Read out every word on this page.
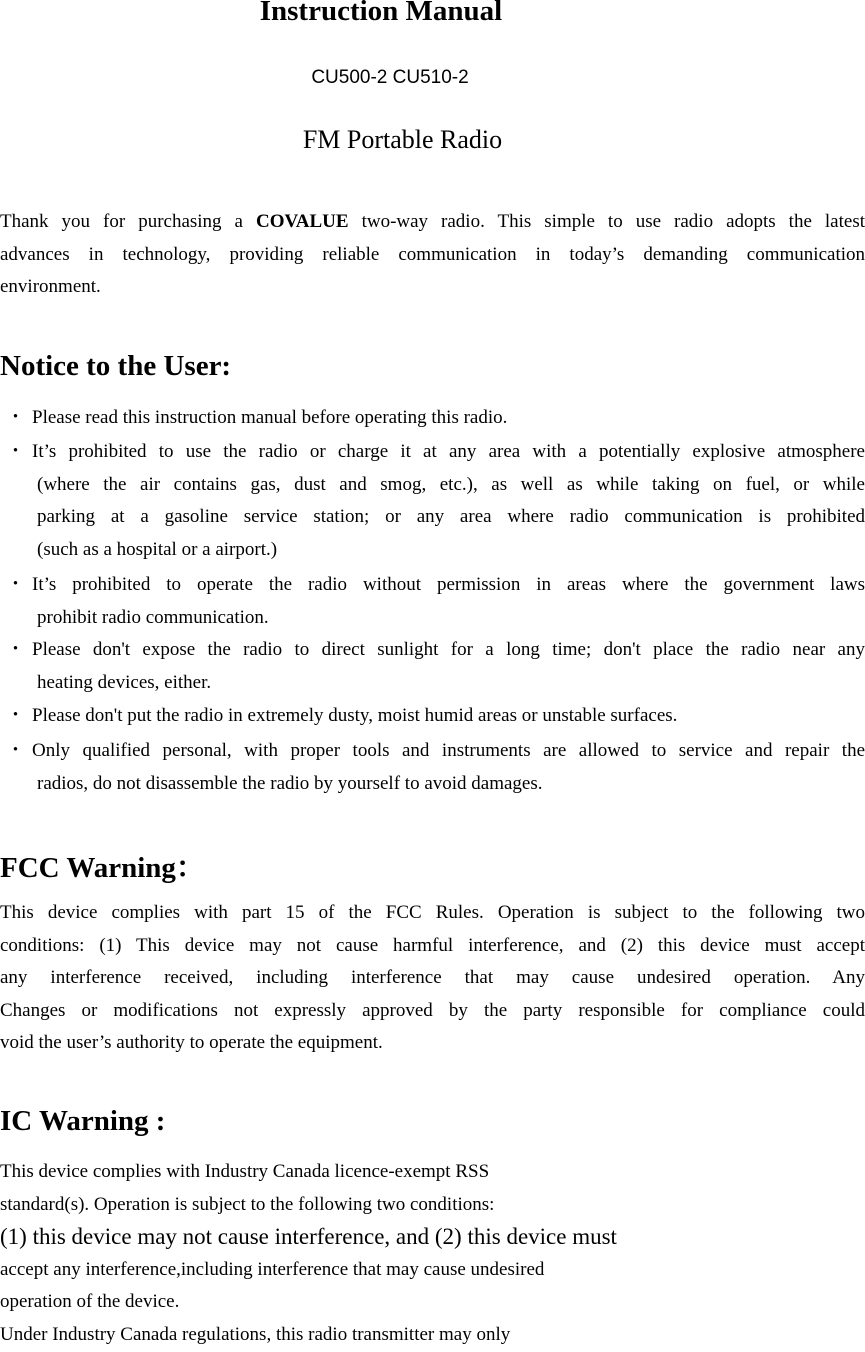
Instruction Manual
CU500-2 CU510-2
FM Portable Radio
Thank you for purchasing a COVALUE two-way radio. This simple to use radio adopts the latest
advances in technology, providing reliable communication in today’s demanding communication
environment.
Notice to the User:
・ Please read this instruction manual before operating this radio.
・ It’s prohibited to use the radio or charge it at any area with a potentially explosive atmosphere
(where the air contains gas, dust and smog, etc.), as well as while taking on fuel, or while
parking at a gasoline service station; or any area where radio communication is prohibited
(such as a hospital or a airport.)
・ It’s prohibited to operate the radio without permission in areas where the government laws
prohibit radio communication.
・ Please don't expose the radio to direct sunlight for a long time; don't place the radio near any
heating devices, either.
・ Please don't put the radio in extremely dusty, moist humid areas or unstable surfaces.
・ Only qualified personal, with proper tools and instruments are allowed to service and repair the
radios, do not disassemble the radio by yourself to avoid damages.
FCC Warning：
This device complies with part 15 of the FCC Rules. Operation is subject to the following two
conditions: (1) This device may not cause harmful interference, and (2) this device must accept
any interference received, including interference that may cause undesired operation. Any
Changes or modifications not expressly approved by the party responsible for compliance could
void the user’s authority to operate the equipment.
IC Warning :
This device complies with Industry Canada licence-exempt RSS
standard(s). Operation is subject to the following two conditions:
(1) this device may not cause interference, and (2) this device must
accept any interference,including interference that may cause undesired
operation of the device.
Under Industry Canada regulations, this radio transmitter may only
